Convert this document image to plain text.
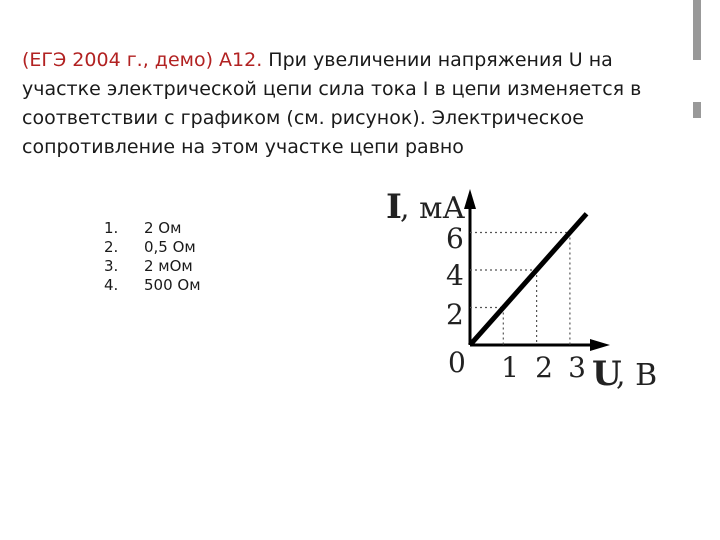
(ЕГЭ 2004 г., демо) А12. При увеличении напряжения U на участке электрической цепи сила тока I в цепи изменяется в соответствии с графиком (см. рисунок). Электрическое сопротивление на этом участке цепи равно

1.	2 Ом
2.	0,5 Ом
3.	2 мОм
4.	500 Ом
I
, мА
U
, В
0 1 2 3
2
4
6
